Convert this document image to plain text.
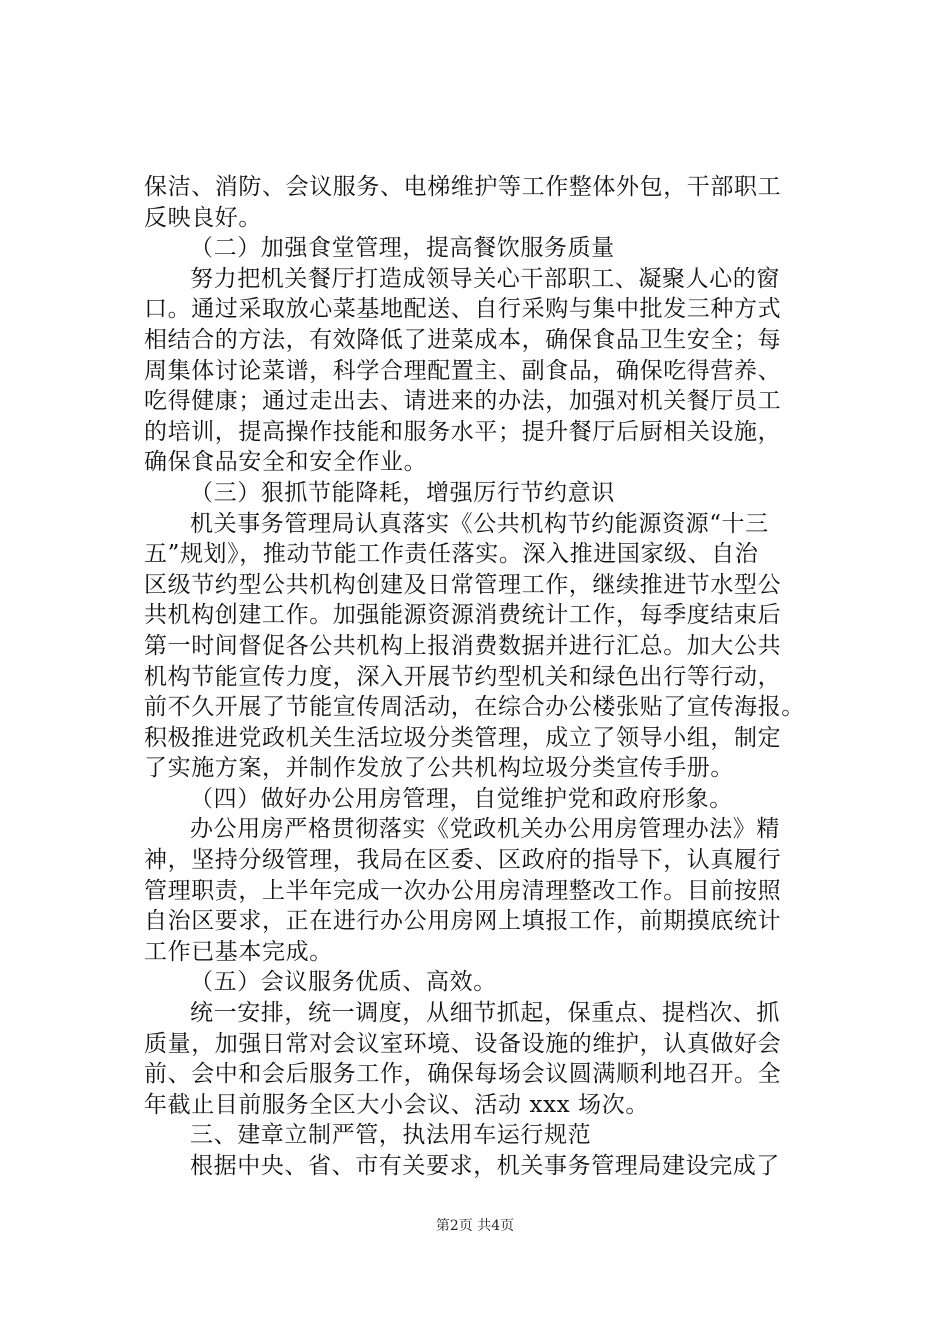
保洁、消防、会议服务、电梯维护等工作整体外包，干部职工
反映良好。
（二）加强食堂管理，提高餐饮服务质量
努力把机关餐厅打造成领导关心干部职工、凝聚人心的窗
口。通过采取放心菜基地配送、自行采购与集中批发三种方式
相结合的方法，有效降低了进菜成本，确保食品卫生安全；每
周集体讨论菜谱，科学合理配置主、副食品，确保吃得营养、
吃得健康；通过走出去、请进来的办法，加强对机关餐厅员工
的培训，提高操作技能和服务水平；提升餐厅后厨相关设施，
确保食品安全和安全作业。
（三）狠抓节能降耗，增强厉行节约意识
机关事务管理局认真落实《公共机构节约能源资源“十三
五”规划》，推动节能工作责任落实。深入推进国家级、自治
区级节约型公共机构创建及日常管理工作，继续推进节水型公
共机构创建工作。加强能源资源消费统计工作，每季度结束后
第一时间督促各公共机构上报消费数据并进行汇总。加大公共
机构节能宣传力度，深入开展节约型机关和绿色出行等行动，
前不久开展了节能宣传周活动，在综合办公楼张贴了宣传海报。
积极推进党政机关生活垃圾分类管理，成立了领导小组，制定
了实施方案，并制作发放了公共机构垃圾分类宣传手册。
（四）做好办公用房管理，自觉维护党和政府形象。
办公用房严格贯彻落实《党政机关办公用房管理办法》精
神，坚持分级管理，我局在区委、区政府的指导下，认真履行
管理职责，上半年完成一次办公用房清理整改工作。目前按照
自治区要求，正在进行办公用房网上填报工作，前期摸底统计
工作已基本完成。
（五）会议服务优质、高效。
统一安排，统一调度，从细节抓起，保重点、提档次、抓
质量，加强日常对会议室环境、设备设施的维护，认真做好会
前、会中和会后服务工作，确保每场会议圆满顺利地召开。全
年截止目前服务全区大小会议、活动 xxx 场次。
三、建章立制严管，执法用车运行规范
根据中央、省、市有关要求，机关事务管理局建设完成了
第2页 共4页
